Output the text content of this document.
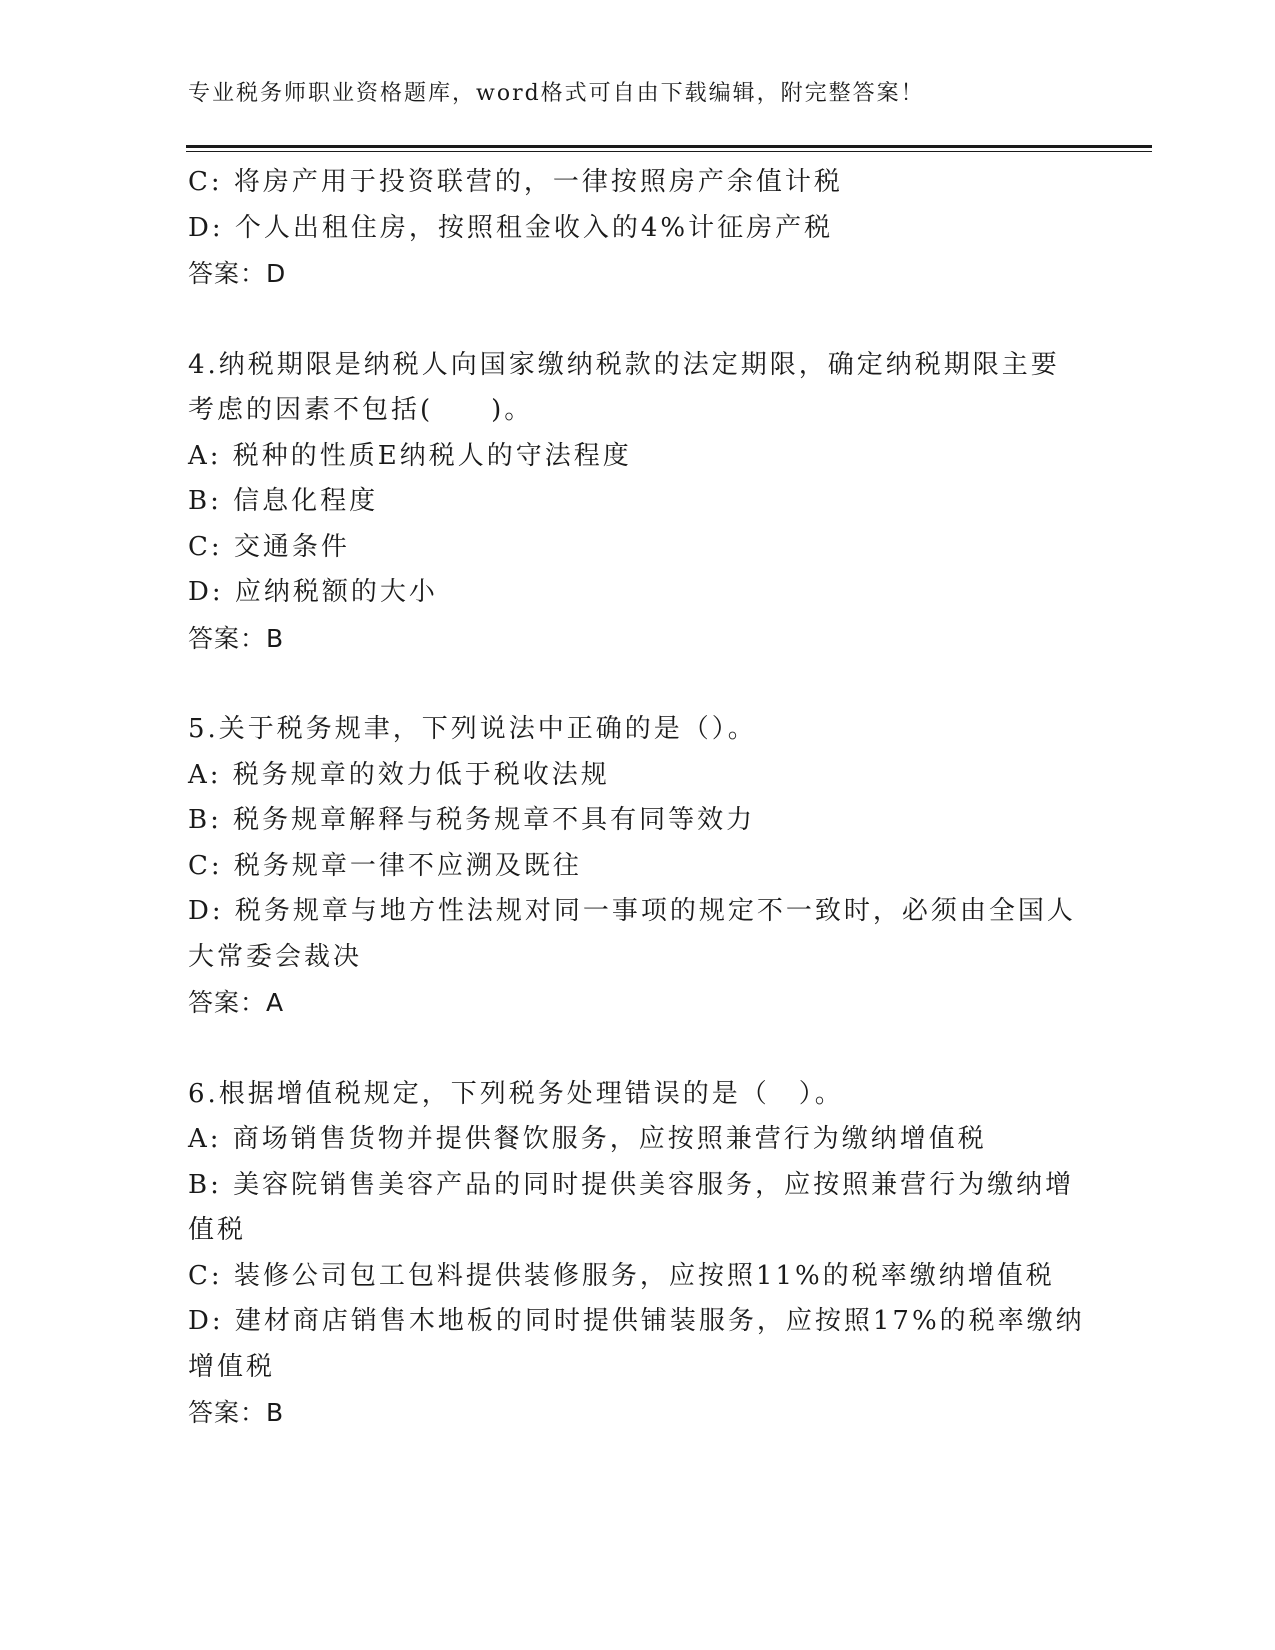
专业税务师职业资格题库，word格式可自由下载编辑，附完整答案！
C: 将房产用于投资联营的，一律按照房产余值计税
D: 个人出租住房，按照租金收入的4%计征房产税
答案：D
4.纳税期限是纳税人向国家缴纳税款的法定期限，确定纳税期限主要
考虑的因素不包括(　　)。
A: 税种的性质E纳税人的守法程度
B: 信息化程度
C: 交通条件
D: 应纳税额的大小
答案：B
5.关于税务规聿，下列说法中正确的是（）。
A: 税务规章的效力低于税收法规
B: 税务规章解释与税务规章不具有同等效力
C: 税务规章一律不应溯及既往
D: 税务规章与地方性法规对同一事项的规定不一致时，必须由全国人
大常委会裁决
答案：A
6.根据增值税规定，下列税务处理错误的是（　）。
A: 商场销售货物并提供餐饮服务，应按照兼营行为缴纳增值税
B: 美容院销售美容产品的同时提供美容服务，应按照兼营行为缴纳增
值税
C: 装修公司包工包料提供装修服务，应按照11%的税率缴纳增值税
D: 建材商店销售木地板的同时提供铺装服务，应按照17%的税率缴纳
增值税
答案：B
